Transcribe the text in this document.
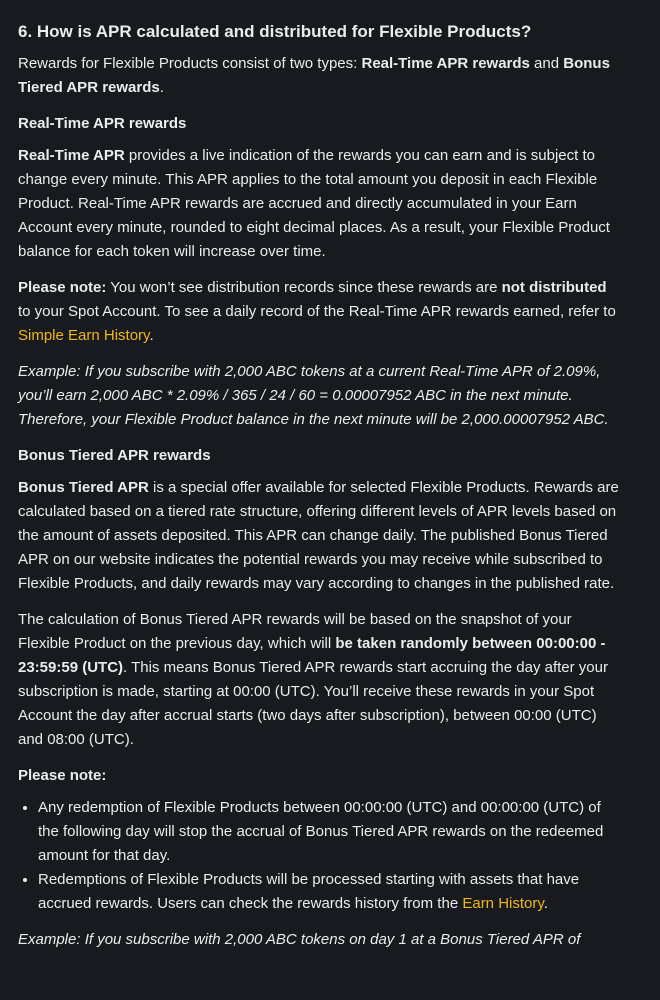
6. How is APR calculated and distributed for Flexible Products?

Rewards for Flexible Products consist of two types: Real-Time APR rewards and Bonus Tiered APR rewards.

Real-Time APR rewards

Real-Time APR provides a live indication of the rewards you can earn and is subject to change every minute. This APR applies to the total amount you deposit in each Flexible Product. Real-Time APR rewards are accrued and directly accumulated in your Earn Account every minute, rounded to eight decimal places. As a result, your Flexible Product balance for each token will increase over time.

Please note: You won’t see distribution records since these rewards are not distributed to your Spot Account. To see a daily record of the Real-Time APR rewards earned, refer to Simple Earn History.

Example: If you subscribe with 2,000 ABC tokens at a current Real-Time APR of 2.09%, you’ll earn 2,000 ABC * 2.09% / 365 / 24 / 60 = 0.00007952 ABC in the next minute. Therefore, your Flexible Product balance in the next minute will be 2,000.00007952 ABC.

Bonus Tiered APR rewards

Bonus Tiered APR is a special offer available for selected Flexible Products. Rewards are calculated based on a tiered rate structure, offering different levels of APR levels based on the amount of assets deposited. This APR can change daily. The published Bonus Tiered APR on our website indicates the potential rewards you may receive while subscribed to Flexible Products, and daily rewards may vary according to changes in the published rate.

The calculation of Bonus Tiered APR rewards will be based on the snapshot of your Flexible Product on the previous day, which will be taken randomly between 00:00:00 - 23:59:59 (UTC). This means Bonus Tiered APR rewards start accruing the day after your subscription is made, starting at 00:00 (UTC). You’ll receive these rewards in your Spot Account the day after accrual starts (two days after subscription), between 00:00 (UTC) and 08:00 (UTC).

Please note:
• Any redemption of Flexible Products between 00:00:00 (UTC) and 00:00:00 (UTC) of the following day will stop the accrual of Bonus Tiered APR rewards on the redeemed amount for that day.
• Redemptions of Flexible Products will be processed starting with assets that have accrued rewards. Users can check the rewards history from the Earn History.

Example: If you subscribe with 2,000 ABC tokens on day 1 at a Bonus Tiered APR of
